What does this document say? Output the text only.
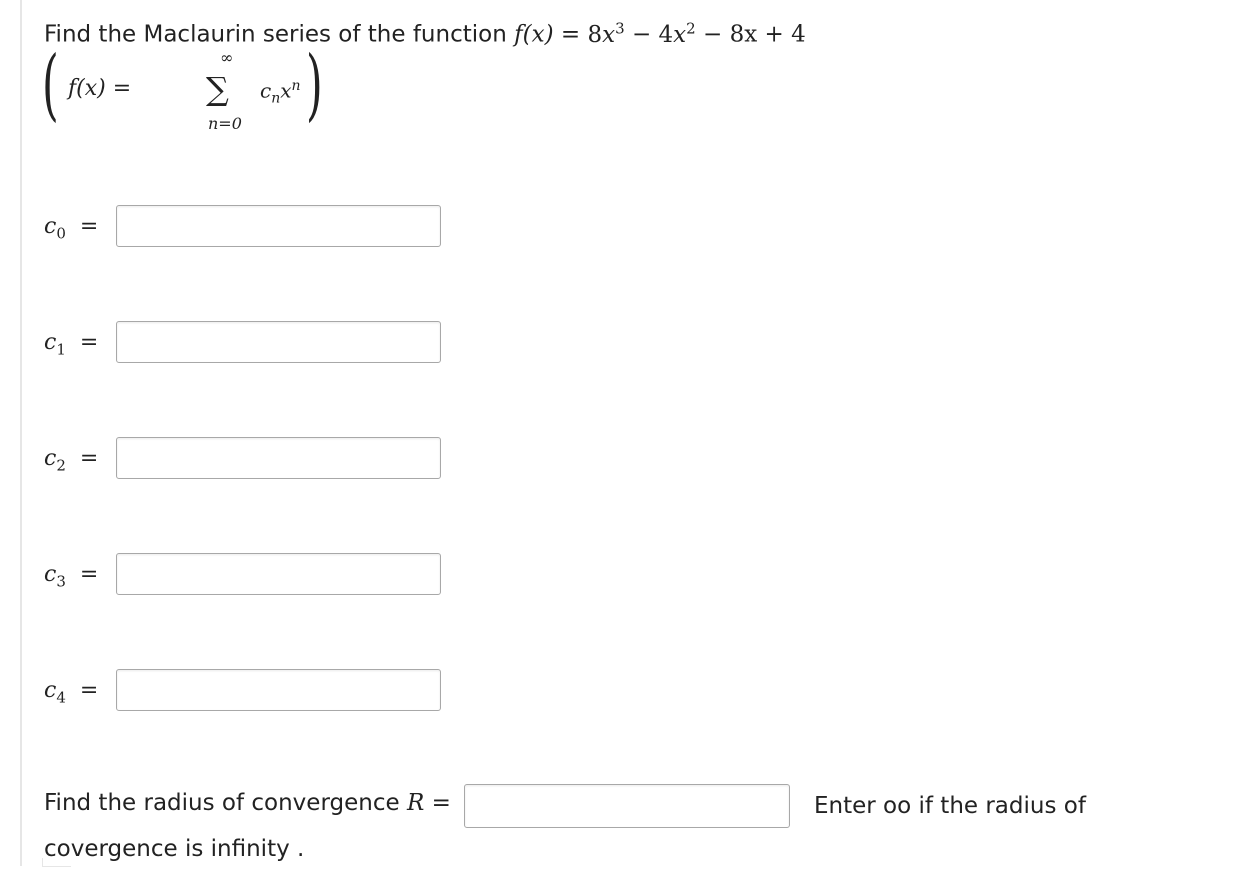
Find the Maclaurin series of the function $f(x) = 8x^3 - 4x^2 - 8x + 4$
( f(x) =
∞
∑
n=0
$c_nx^n$ )
$c_0$ =
$c_1$ =
$c_2$ =
$c_3$ =
$c_4$ =
Find the radius of convergence R =	Enter oo if the radius of
covergence is infinity .
